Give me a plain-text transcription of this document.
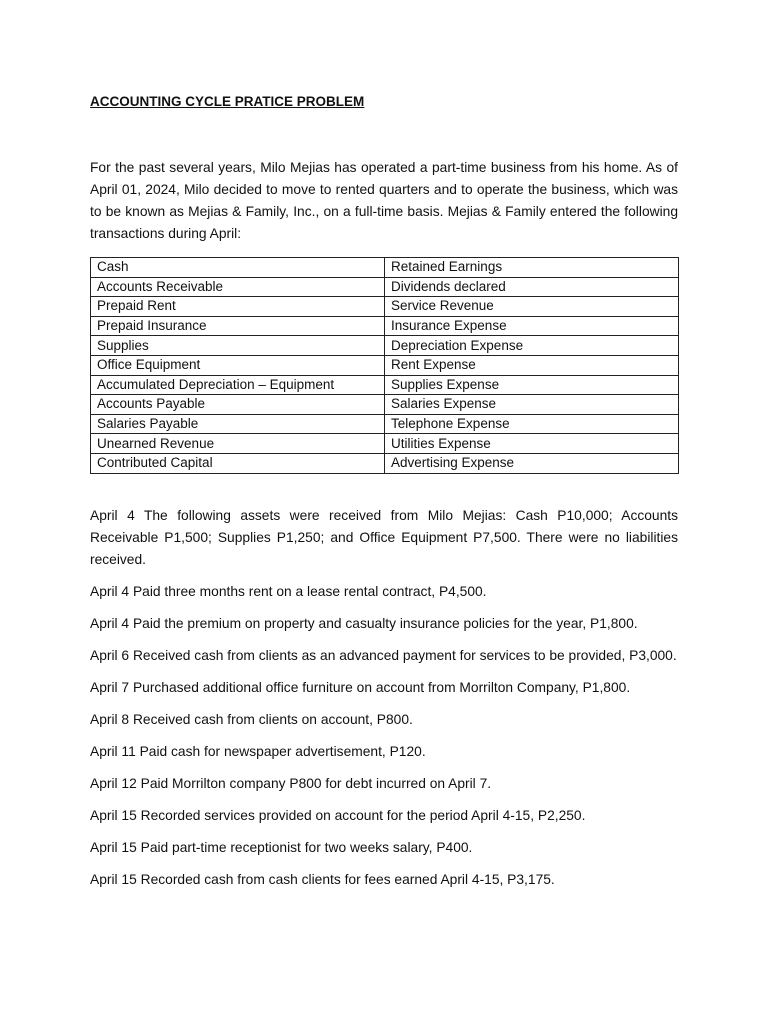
ACCOUNTING CYCLE PRATICE PROBLEM

For the past several years, Milo Mejias has operated a part-time business from his home. As of April 01, 2024, Milo decided to move to rented quarters and to operate the business, which was to be known as Mejias & Family, Inc., on a full-time basis. Mejias & Family entered the following transactions during April:

Cash	Retained Earnings
Accounts Receivable	Dividends declared
Prepaid Rent	Service Revenue
Prepaid Insurance	Insurance Expense
Supplies	Depreciation Expense
Office Equipment	Rent Expense
Accumulated Depreciation – Equipment	Supplies Expense
Accounts Payable	Salaries Expense
Salaries Payable	Telephone Expense
Unearned Revenue	Utilities Expense
Contributed Capital	Advertising Expense

April 4 The following assets were received from Milo Mejias: Cash P10,000; Accounts Receivable P1,500; Supplies P1,250; and Office Equipment P7,500. There were no liabilities received.

April 4 Paid three months rent on a lease rental contract, P4,500.

April 4 Paid the premium on property and casualty insurance policies for the year, P1,800.

April 6 Received cash from clients as an advanced payment for services to be provided, P3,000.

April 7 Purchased additional office furniture on account from Morrilton Company, P1,800.

April 8 Received cash from clients on account, P800.

April 11 Paid cash for newspaper advertisement, P120.

April 12 Paid Morrilton company P800 for debt incurred on April 7.

April 15 Recorded services provided on account for the period April 4-15, P2,250.

April 15 Paid part-time receptionist for two weeks salary, P400.

April 15 Recorded cash from cash clients for fees earned April 4-15, P3,175.
